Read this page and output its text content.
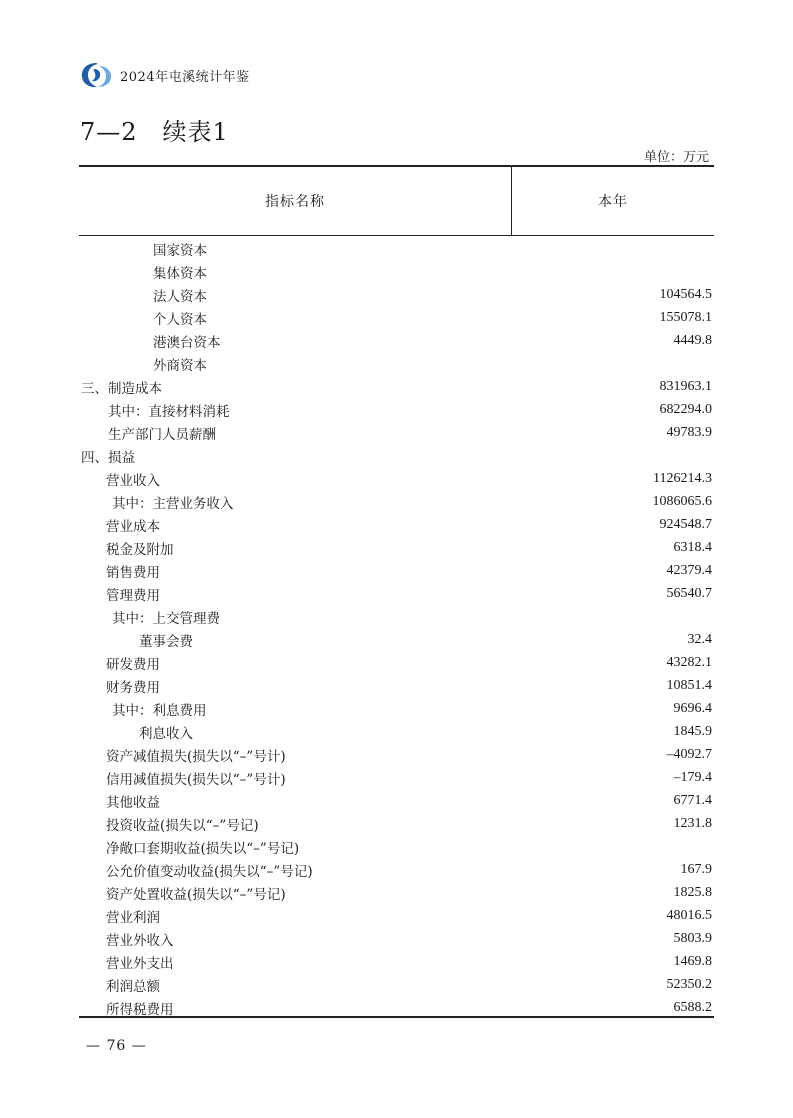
2024年屯溪统计年鉴
7—2　续表1
单位：万元
指标名称	本年
国家资本
集体资本
法人资本	104564.5
个人资本	155078.1
港澳台资本	4449.8
外商资本
三、制造成本	831963.1
其中：直接材料消耗	682294.0
生产部门人员薪酬	49783.9
四、损益
营业收入	1126214.3
其中：主营业务收入	1086065.6
营业成本	924548.7
税金及附加	6318.4
销售费用	42379.4
管理费用	56540.7
其中：上交管理费
董事会费	32.4
研发费用	43282.1
财务费用	10851.4
其中：利息费用	9696.4
利息收入	1845.9
资产减值损失(损失以“–”号计)	–4092.7
信用减值损失(损失以“–”号计)	–179.4
其他收益	6771.4
投资收益(损失以“–”号记)	1231.8
净敞口套期收益(损失以“–”号记)
公允价值变动收益(损失以“–”号记)	167.9
资产处置收益(损失以“–”号记)	1825.8
营业利润	48016.5
营业外收入	5803.9
营业外支出	1469.8
利润总额	52350.2
所得税费用	6588.2
— 76 —
